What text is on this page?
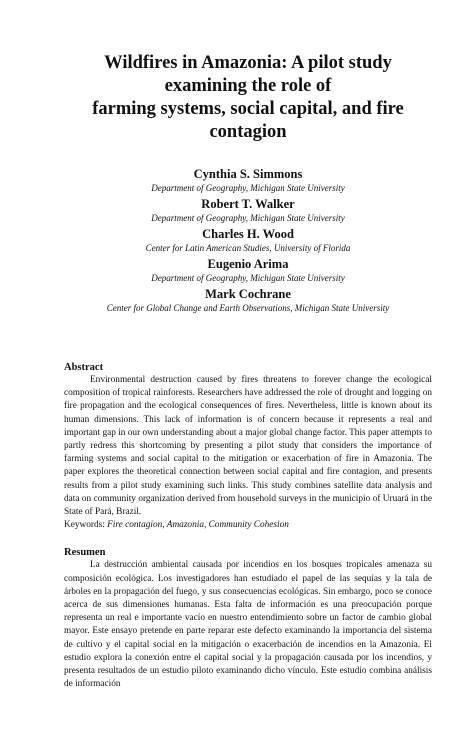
Wildfires in Amazonia: A pilot study
examining the role of
farming systems, social capital, and fire
contagion
Cynthia S. Simmons
Department of Geography, Michigan State University
Robert T. Walker
Department of Geography, Michigan State University
Charles H. Wood
Center for Latin American Studies, University of Florida
Eugenio Arima
Department of Geography, Michigan State University
Mark Cochrane
Center for Global Change and Earth Observations, Michigan State University
Abstract

Environmental destruction caused by fires threatens to forever change the ecological composition of tropical rainforests. Researchers have addressed the role of drought and logging on fire propagation and the ecological consequences of fires. Nevertheless, little is known about its human dimensions. This lack of information is of concern because it represents a real and important gap in our own understanding about a major global change factor. This paper attempts to partly redress this shortcoming by presenting a pilot study that considers the importance of farming systems and social capital to the mitigation or exacerbation of fire in Amazonia. The paper explores the theoretical connection between social capital and fire contagion, and presents results from a pilot study examining such links. This study combines satellite data analysis and data on community organization derived from household surveys in the municipio of Uruará in the State of Pará, Brazil.

Keywords: Fire contagion, Amazonia, Community Cohesion

Resumen

La destrucción ambiental causada por incendios en los bosques tropicales amenaza su composición ecológica. Los investigadores han estudiado el papel de las sequías y la tala de árboles en la propagación del fuego, y sus consecuencias ecológicas. Sin embargo, poco se conoce acerca de sus dimensiones humanas. Esta falta de información es una preocupación porque representa un real e importante vacío en nuestro entendimiento sobre un factor de cambio global mayor. Este ensayo pretende en parte reparar este defecto examinando la importancia del sistema de cultivo y el capital social en la mitigación o exacerbación de incendios en la Amazonia. El estudio explora la conexión entre el capital social y la propagación causada por los incendios, y presenta resultados de un estudio piloto examinando dicho vínculo. Este estudio combina análisis de información
